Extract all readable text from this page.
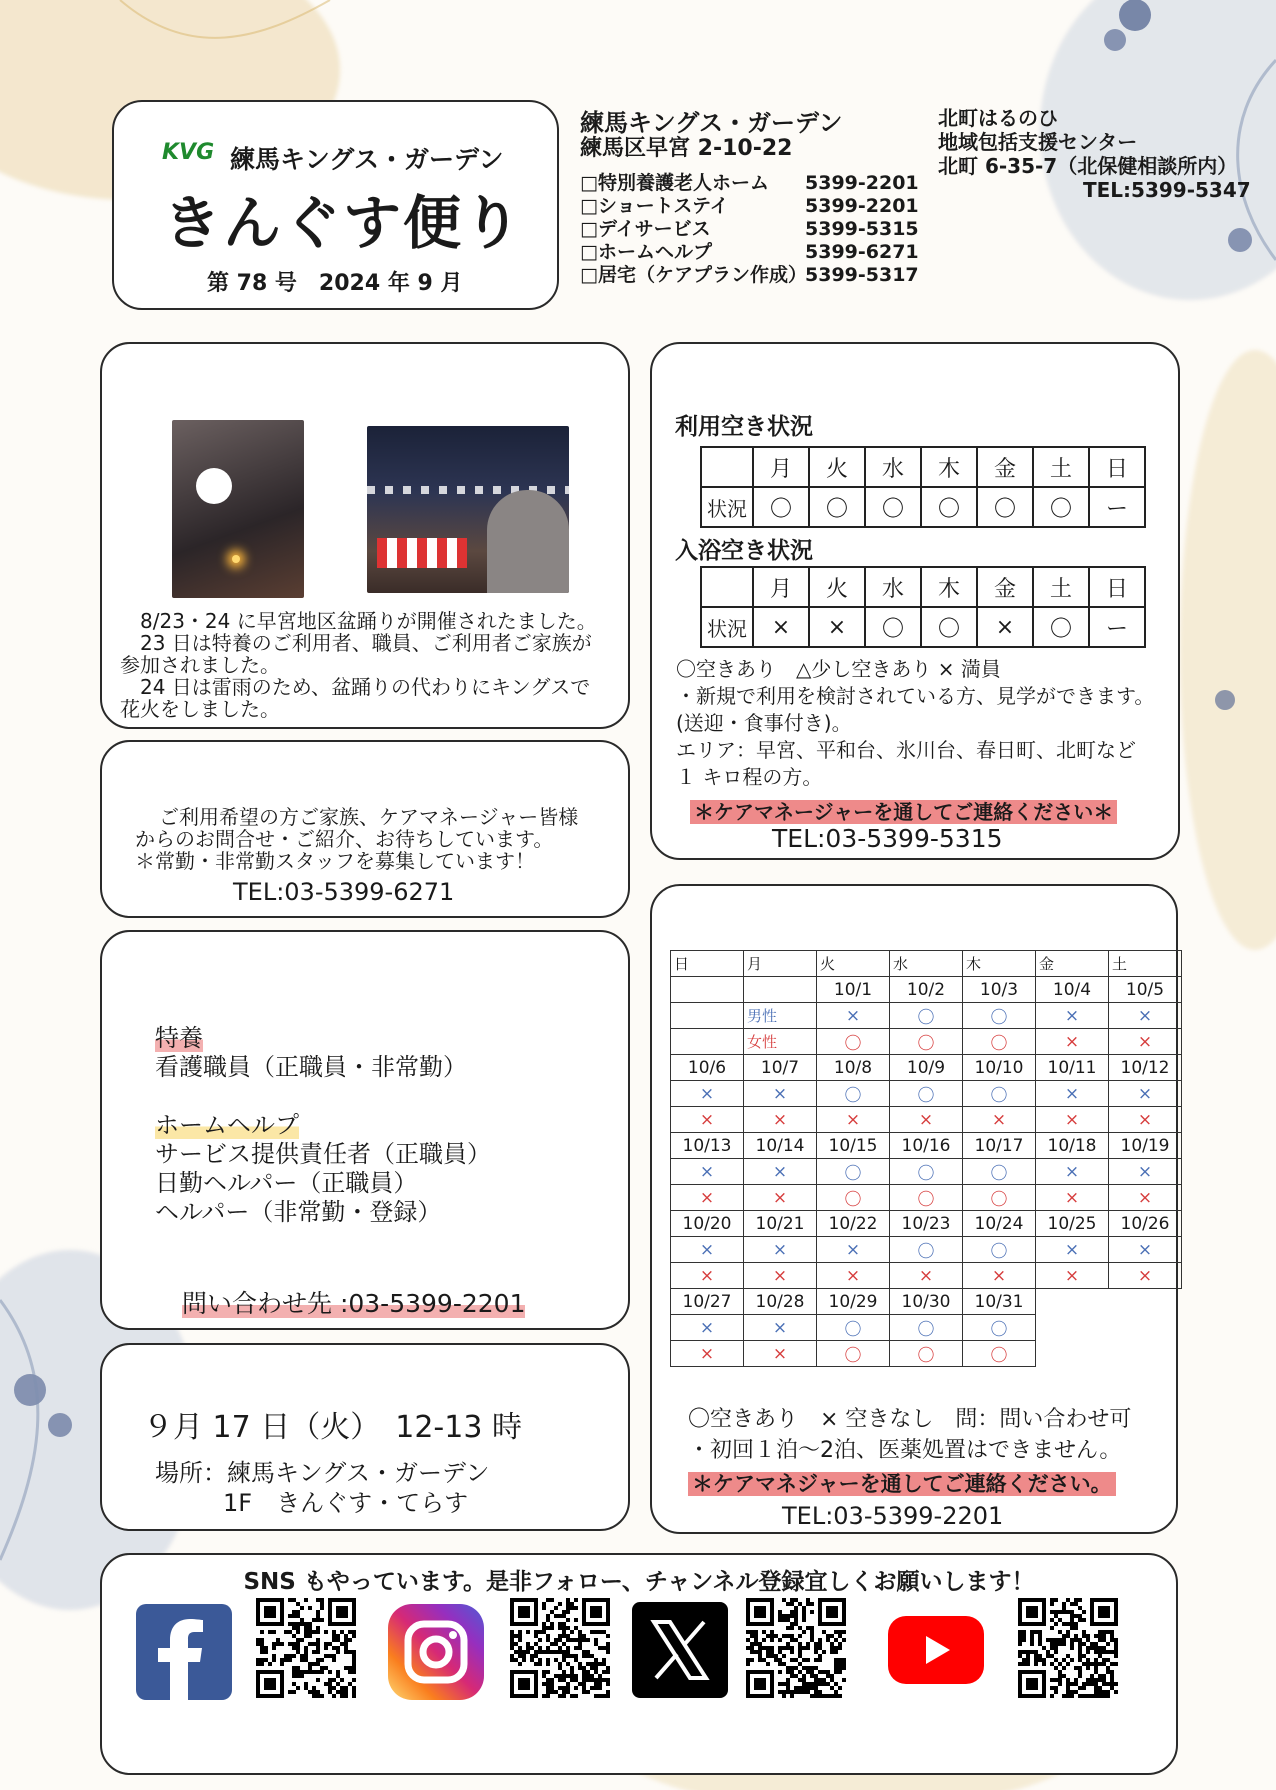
KVG 練馬キングス・ガーデン
きんぐす便り
第 78 号　2024 年 9 月
練馬キングス・ガーデン
練馬区早宮 2-10-22
□特別養護老人ホーム	5399-2201
□ショートステイ	5399-2201
□デイサービス	5399-5315
□ホームヘルプ	5399-6271
□居宅（ケアプラン作成）
5399-5317
北町はるのひ
地域包括支援センター
北町 6-35-7（北保健相談所内）
TEL:5399-5347
8/23・24 に早宮地区盆踊りが開催されたました。
23 日は特養のご利用者、職員、ご利用者ご家族が
参加されました。
24 日は雷雨のため、盆踊りの代わりにキングスで
花火をしました。
ご利用希望の方ご家族、ケアマネージャー皆様
からのお問合せ・ご紹介、お待ちしています。
＊常勤・非常勤スタッフを募集しています！
TEL:03-5399-6271
特養
看護職員（正職員・非常勤）
ホームヘルプ
サービス提供責任者（正職員）
日勤ヘルパー（正職員）
ヘルパー（非常勤・登録）
問い合わせ先 :03-5399-2201
９月 17 日（火）　12-13 時
場所：練馬キングス・ガーデン
1F　きんぐす・てらす
利用空き状況
	月	火	水	木	金	土	日
状況	〇	〇	〇	〇	〇	〇	ー
入浴空き状況
	月	火	水	木	金	土	日
状況	×	×	〇	〇	×	〇	ー
〇空きあり　△少し空きあり × 満員
・新規で利用を検討されている方、見学ができます。
(送迎・食事付き)。
エリア：早宮、平和台、氷川台、春日町、北町など
１ キロ程の方。
＊ケアマネージャーを通してご連絡ください＊
TEL:03-5399-5315
日	月	火	水	木	金	土
		10/1	10/2	10/3	10/4	10/5
	男性	×	〇	〇	×	×
	女性	〇	〇	〇	×	×
10/6	10/7	10/8	10/9	10/10	10/11	10/12
×	×	〇	〇	〇	×	×
×	×	×	×	×	×	×
10/13	10/14	10/15	10/16	10/17	10/18	10/19
×	×	〇	〇	〇	×	×
×	×	〇	〇	〇	×	×
10/20	10/21	10/22	10/23	10/24	10/25	10/26
×	×	×	〇	〇	×	×
×	×	×	×	×	×	×
10/27	10/28	10/29	10/30	10/31		
×	×	〇	〇	〇		
×	×	〇	〇	〇		
〇空きあり　× 空きなし　問：問い合わせ可
・初回１泊～2泊、医薬処置はできません。
＊ケアマネジャーを通してご連絡ください。
TEL:03-5399-2201
SNS もやっています。是非フォロー、チャンネル登録宜しくお願いします！
